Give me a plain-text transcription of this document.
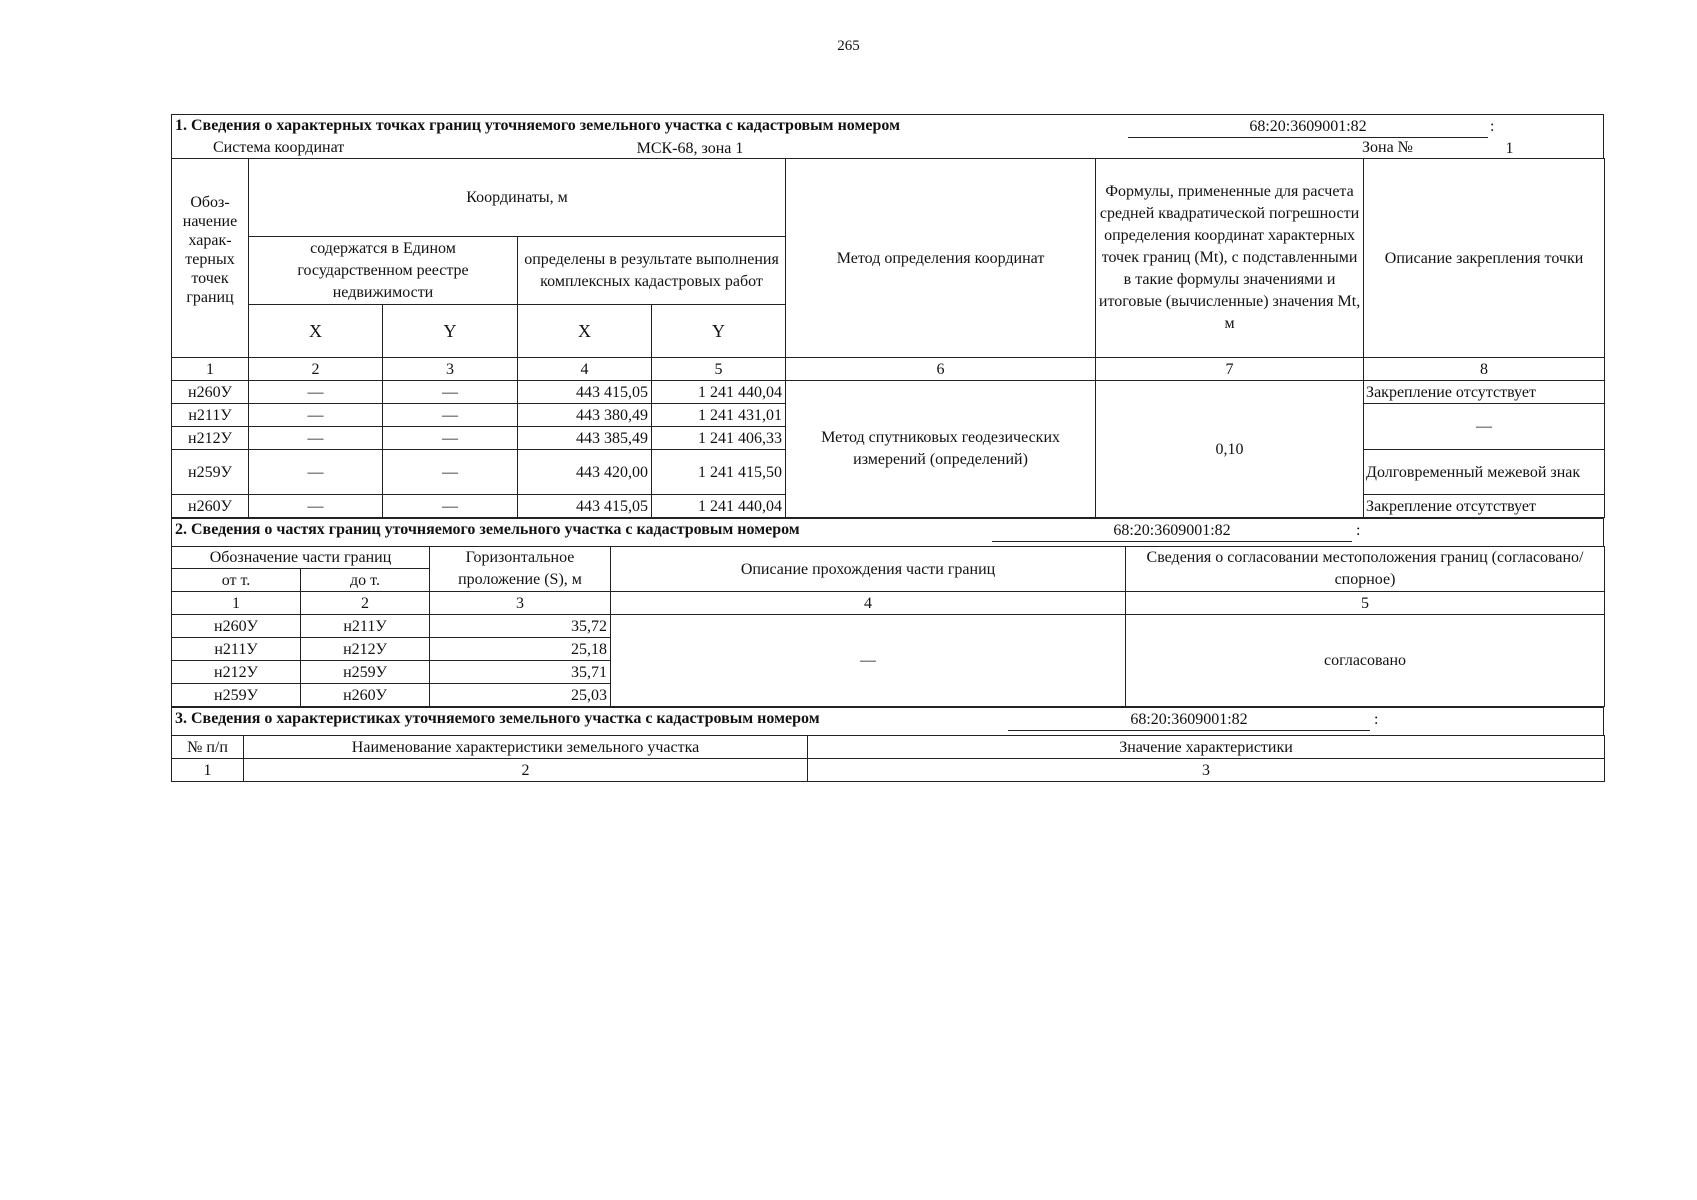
265
1. Сведения о характерных точках границ уточняемого земельного участка с кадастровым номером	68:20:3609001:82	:
Система координат	МСК-68, зона 1	Зона №	1
Обоз-начение харак-терных точек границ	Координаты, м				Метод определения координат	Формулы, примененные для расчета средней квадратической погрешности определения координат характерных точек границ (Mt), с подставленными в такие формулы значениями и итоговые (вычисленные) значения Mt, м	Описание закрепления точки
	содержатся в Едином государственном реестре недвижимости		определены в результате выполнения комплексных кадастровых работ				
	X	Y	X	Y			
1	2	3	4	5	6	7	8
н260У	—	—	443 415,05	1 241 440,04	Метод спутниковых геодезических измерений (определений)	0,10	Закрепление отсутствует
н211У	—	—	443 380,49	1 241 431,01			—
н212У	—	—	443 385,49	1 241 406,33			
н259У	—	—	443 420,00	1 241 415,50			Долговременный межевой знак
н260У	—	—	443 415,05	1 241 440,04			Закрепление отсутствует
2. Сведения о частях границ уточняемого земельного участка с кадастровым номером	68:20:3609001:82	:
Обозначение части границ		Горизонтальное проложение (S), м	Описание прохождения части границ	Сведения о согласовании местоположения границ (согласовано/спорное)
от т.	до т.			
1	2	3	4	5
н260У	н211У	35,72	—	согласовано
н211У	н212У	25,18		
н212У	н259У	35,71		
н259У	н260У	25,03		
3. Сведения о характеристиках уточняемого земельного участка с кадастровым номером	68:20:3609001:82	:
№ п/п	Наименование характеристики земельного участка	Значение характеристики
1	2	3
